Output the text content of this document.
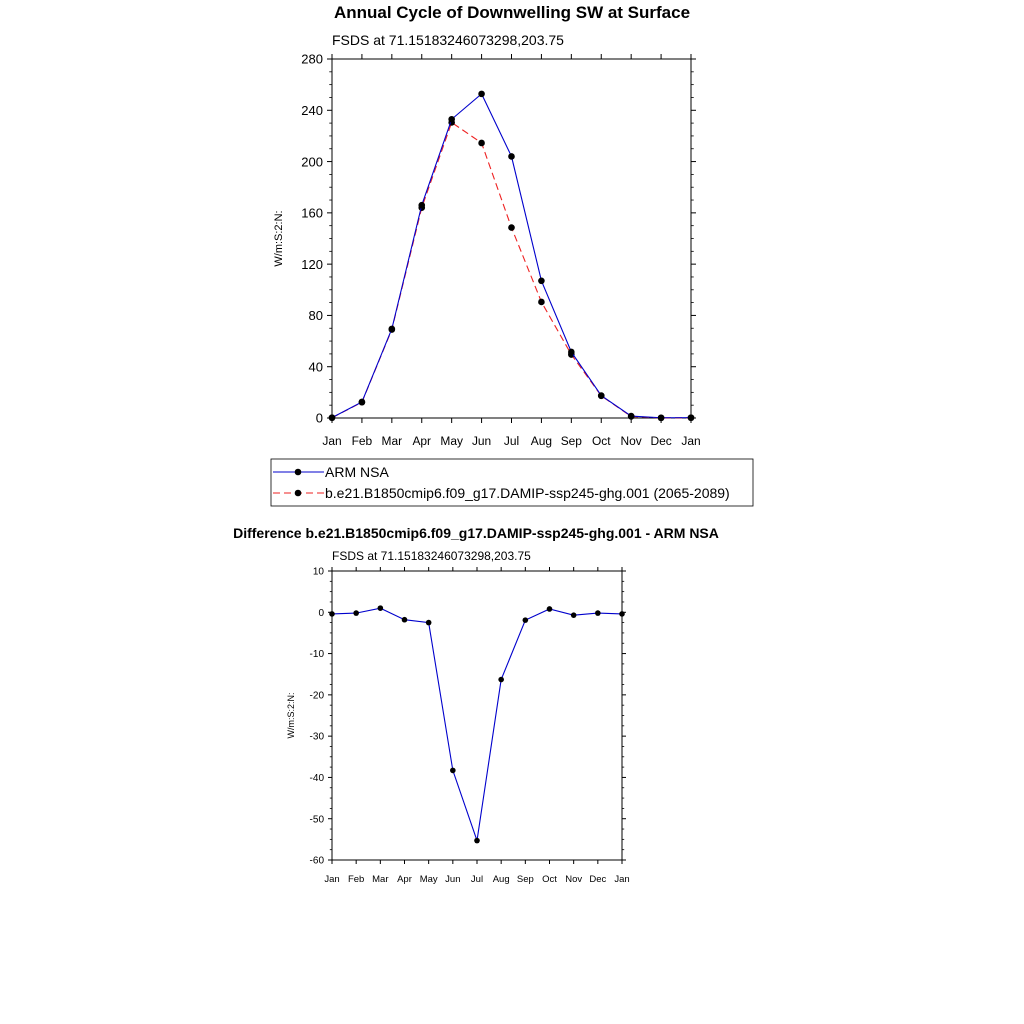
Annual Cycle of Downwelling SW at Surface
FSDS at 71.15183246073298,203.75
0
40
80
120
160
200
240
280
Jan Feb Mar Apr May Jun Jul Aug Sep Oct Nov Dec Jan
W/m:S:2:N:
ARM NSA
b.e21.B1850cmip6.f09_g17.DAMIP-ssp245-ghg.001 (2065-2089)
Difference b.e21.B1850cmip6.f09_g17.DAMIP-ssp245-ghg.001 - ARM NSA
FSDS at 71.15183246073298,203.75
-60
-50
-40
-30
-20
-10
0
10
Jan Feb Mar Apr May Jun Jul Aug Sep Oct Nov Dec Jan
W/m:S:2:N:
